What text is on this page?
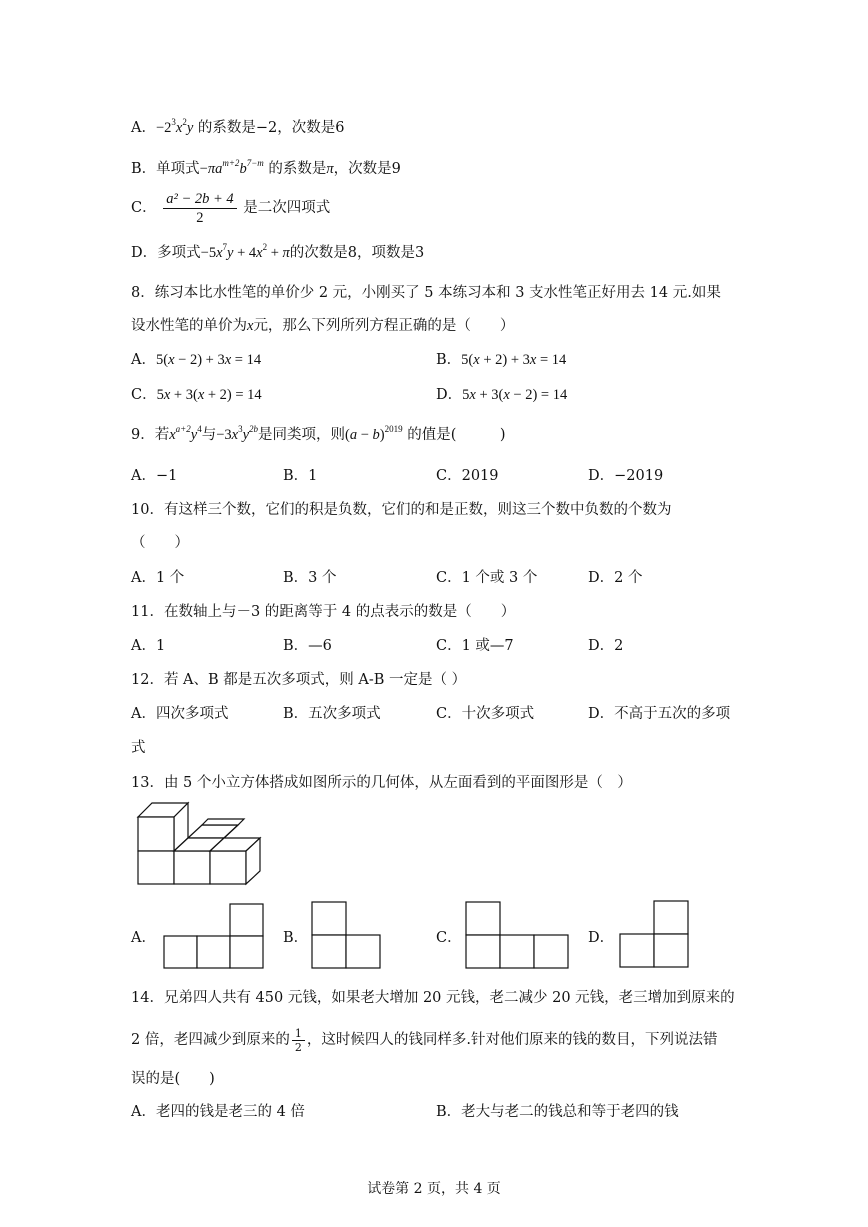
A．$-2^3x^2y$ 的系数是−2，次数是6
B．单项式$-\pi a^{m+2}b^{7-m}$ 的系数是π，次数是9
C． $\frac{\text{a² − 2b + 4}}{2}$ 是二次四项式
D．多项式$-5x^7y + 4x^2 + \pi$的次数是8，项数是3
8．练习本比水性笔的单价少 2 元，小刚买了 5 本练习本和 3 支水性笔正好用去 14 元.如果
设水性笔的单价为x元，那么下列所列方程正确的是（　　）
A．5(x − 2) + 3x = 14	B．5(x + 2) + 3x = 14
C．5x + 3(x + 2) = 14	D．5x + 3(x − 2) = 14
9．若$x^{a+2}y^4$与$-3x^3y^{2b}$是同类项，则$(a - b)^{2019}$ 的值是(　　　)
A．−1	B．1	C．2019	D．−2019
10．有这样三个数，它们的积是负数，它们的和是正数，则这三个数中负数的个数为
（　　）
A．1 个	B．3 个	C．1 个或 3 个	D．2 个
11．在数轴上与－3 的距离等于 4 的点表示的数是（　　）
A．1	B．—6	C．1 或—7	D．2
12．若 A、B 都是五次多项式，则 A-B 一定是（ ）
A．四次多项式	B．五次多项式	C．十次多项式	D．不高于五次的多项
式
13．由 5 个小立方体搭成如图所示的几何体，从左面看到的平面图形是（　）
A．	B．	C．	D．
14．兄弟四人共有 450 元钱，如果老大增加 20 元钱，老二减少 20 元钱，老三增加到原来的
2 倍，老四减少到原来的 $\frac{1}{2}$ ，这时候四人的钱同样多.针对他们原来的钱的数目，下列说法错
误的是(　　)
A．老四的钱是老三的 4 倍	B．老大与老二的钱总和等于老四的钱
试卷第 2 页，共 4 页
